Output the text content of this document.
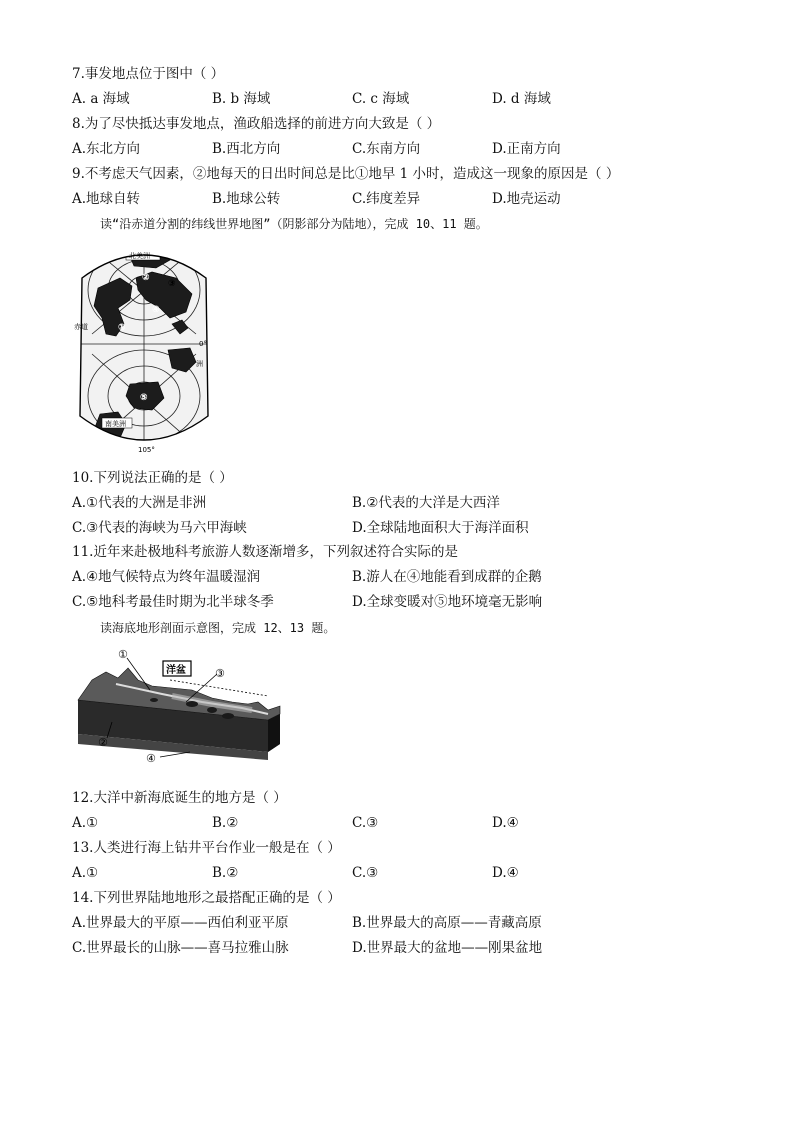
7.事发地点位于图中（ ）
A. a 海域	B. b 海域	C. c 海域	D. d 海域
8.为了尽快抵达事发地点，渔政船选择的前进方向大致是（ ）
A.东北方向	B.西北方向	C.东南方向	D.正南方向
9.不考虑天气因素，②地每天的日出时间总是比①地早 1 小时，造成这一现象的原因是（ ）
A.地球自转	B.地球公转	C.纬度差异	D.地壳运动
读“沿赤道分割的纬线世界地图”（阴影部分为陆地），完成 10、11 题。
北美洲
南美洲
赤道
0°
105°
洲
①
②
④
⑤
③
10.下列说法正确的是（ ）
A.①代表的大洲是非洲	B.②代表的大洋是大西洋
C.③代表的海峡为马六甲海峡	D.全球陆地面积大于海洋面积
11.近年来赴极地科考旅游人数逐渐增多，下列叙述符合实际的是
A.④地气候特点为终年温暖湿润	B.游人在④地能看到成群的企鹅
C.⑤地科考最佳时期为北半球冬季	D.全球变暖对⑤地环境毫无影响
读海底地形剖面示意图，完成 12、13 题。
洋盆
①
②
③
④
12.大洋中新海底诞生的地方是（ ）
A.①	B.②	C.③	D.④
13.人类进行海上钻井平台作业一般是在（ ）
A.①	B.②	C.③	D.④
14.下列世界陆地地形之最搭配正确的是（ ）
A.世界最大的平原——西伯利亚平原	B.世界最大的高原——青藏高原
C.世界最长的山脉——喜马拉雅山脉	D.世界最大的盆地——刚果盆地
